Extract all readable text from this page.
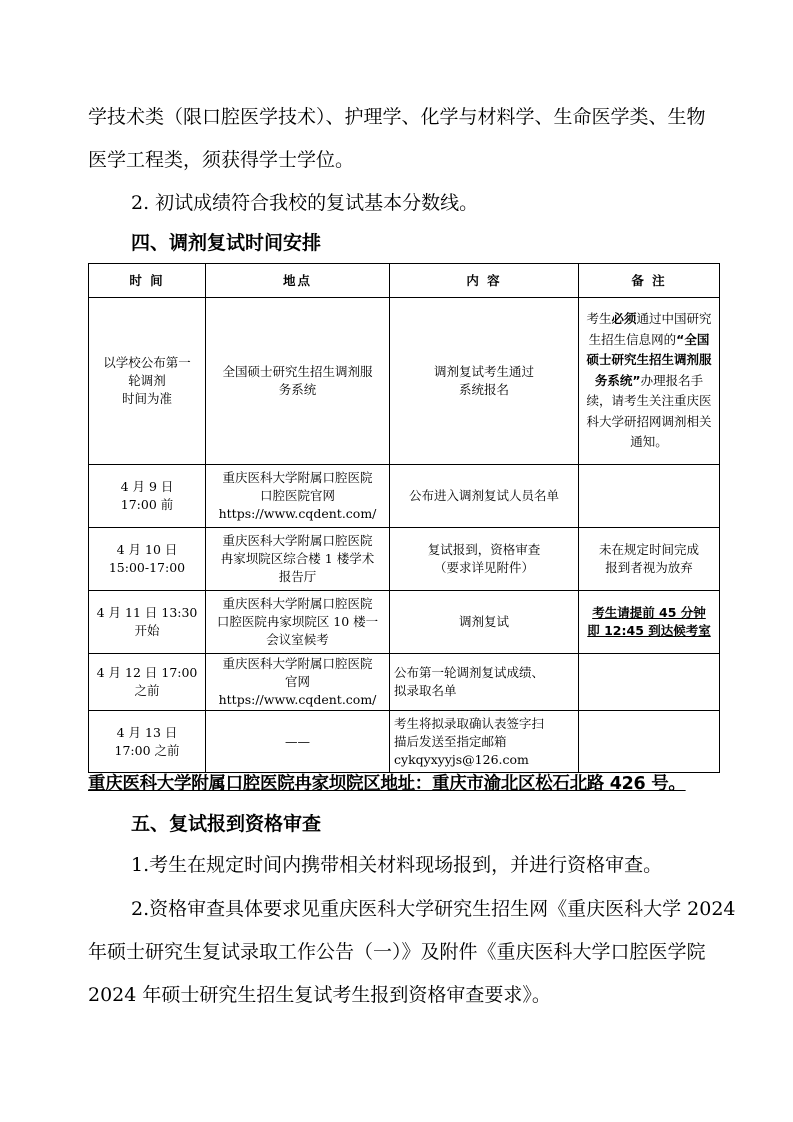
学技术类（限口腔医学技术）、护理学、化学与材料学、生命医学类、生物
医学工程类，须获得学士学位。
2. 初试成绩符合我校的复试基本分数线。
四、调剂复试时间安排
时 间	地点	内 容	备 注

以学校公布第一
轮调剂
时间为准	全国硕士研究生招生调剂服
务系统	调剂复试考生通过
系统报名	考生必须通过中国研究生招生信息网的“全国硕士研究生招生调剂服务系统”办理报名手续，请考生关注重庆医科大学研招网调剂相关通知。

4 月 9 日
17:00 前	重庆医科大学附属口腔医院
口腔医院官网
https://www.cqdent.com/	公布进入调剂复试人员名单	

4 月 10 日
15:00-17:00	重庆医科大学附属口腔医院
冉家坝院区综合楼 1 楼学术
报告厅	复试报到，资格审查
（要求详见附件）	未在规定时间完成
报到者视为放弃

4 月 11 日 13:30
开始	重庆医科大学附属口腔医院
口腔医院冉家坝院区 10 楼一
会议室候考	调剂复试	考生请提前 45 分钟
即 12:45 到达候考室

4 月 12 日 17:00
之前	重庆医科大学附属口腔医院
官网 https://www.cqdent.com/	公布第一轮调剂复试成绩、
拟录取名单	

4 月 13 日
17:00 之前	——	考生将拟录取确认表签字扫
描后发送至指定邮箱
cykqyxyyjs@126.com	

重庆医科大学附属口腔医院冉家坝院区地址：重庆市渝北区松石北路 426 号。
五、复试报到资格审查
1.考生在规定时间内携带相关材料现场报到，并进行资格审查。
2.资格审查具体要求见重庆医科大学研究生招生网《重庆医科大学 2024
年硕士研究生复试录取工作公告（一）》及附件《重庆医科大学口腔医学院
2024 年硕士研究生招生复试考生报到资格审查要求》。
